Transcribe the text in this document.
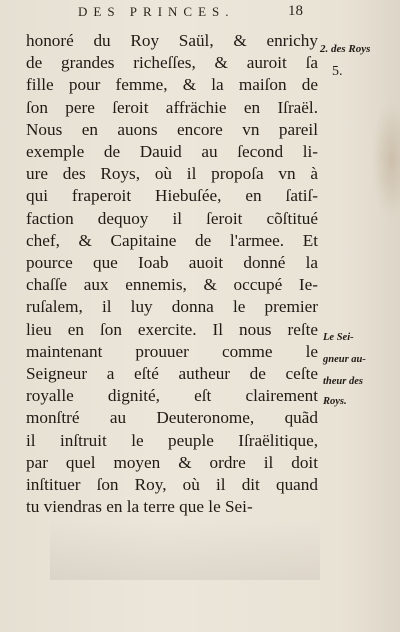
DES PRINCES.	18
honoré du Roy Saül, & enrichy
de grandes richeſſes, & auroit ſa
fille pour femme, & la maiſon de
ſon pere ſeroit affrächie en Iſraël.
Nous en auons encore vn pareil
exemple de Dauid au ſecond li-
ure des Roys, où il propoſa vn à
qui fraperoit Hiebuſée, en ſatiſ-
faction dequoy il ſeroit cõſtitué
chef, & Capitaine de l'armee. Et
pource que Ioab auoit donné la
chaſſe aux ennemis, & occupé Ie-
ruſalem, il luy donna le premier
lieu en ſon exercite. Il nous reſte
maintenant prouuer comme le
Seigneur a eſté autheur de ceſte
royalle dignité, eſt clairement
monſtré au Deuteronome, quãd
il inſtruit le peuple Iſraëlitique,
par quel moyen & ordre il doit
inſtituer ſon Roy, où il dit quand
tu viendras en la terre que le Sei-
2. des Roys
5.
Le Sei-
gneur au-
theur des
Roys.
